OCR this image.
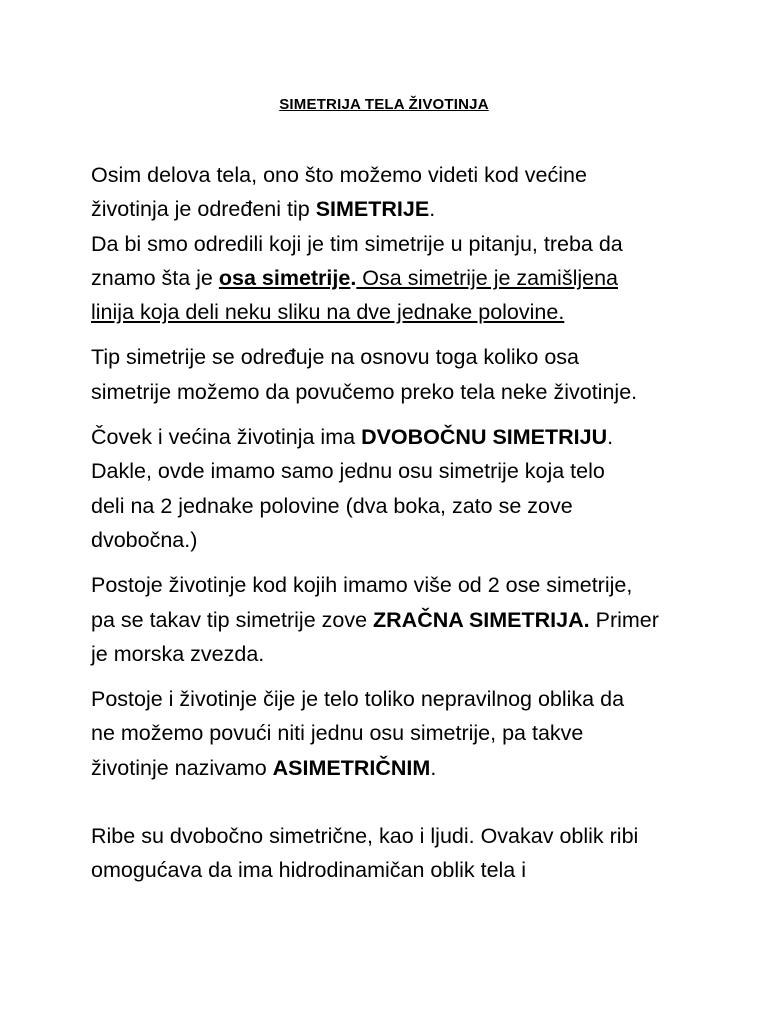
SIMETRIJA TELA ŽIVOTINJA

Osim delova tela, ono što možemo videti kod većine
životinja je određeni tip SIMETRIJE.
Da bi smo odredili koji je tim simetrije u pitanju, treba da
znamo šta je osa simetrije. Osa simetrije je zamišljena
linija koja deli neku sliku na dve jednake polovine.

Tip simetrije se određuje na osnovu toga koliko osa
simetrije možemo da povučemo preko tela neke životinje.

Čovek i većina životinja ima DVOBOČNU SIMETRIJU.
Dakle, ovde imamo samo jednu osu simetrije koja telo
deli na 2 jednake polovine (dva boka, zato se zove
dvobočna.)

Postoje životinje kod kojih imamo više od 2 ose simetrije,
pa se takav tip simetrije zove ZRAČNA SIMETRIJA. Primer
je morska zvezda.

Postoje i životinje čije je telo toliko nepravilnog oblika da
ne možemo povući niti jednu osu simetrije, pa takve
životinje nazivamo ASIMETRIČNIM.

Ribe su dvobočno simetrične, kao i ljudi. Ovakav oblik ribi
omogućava da ima hidrodinamičan oblik tela i
